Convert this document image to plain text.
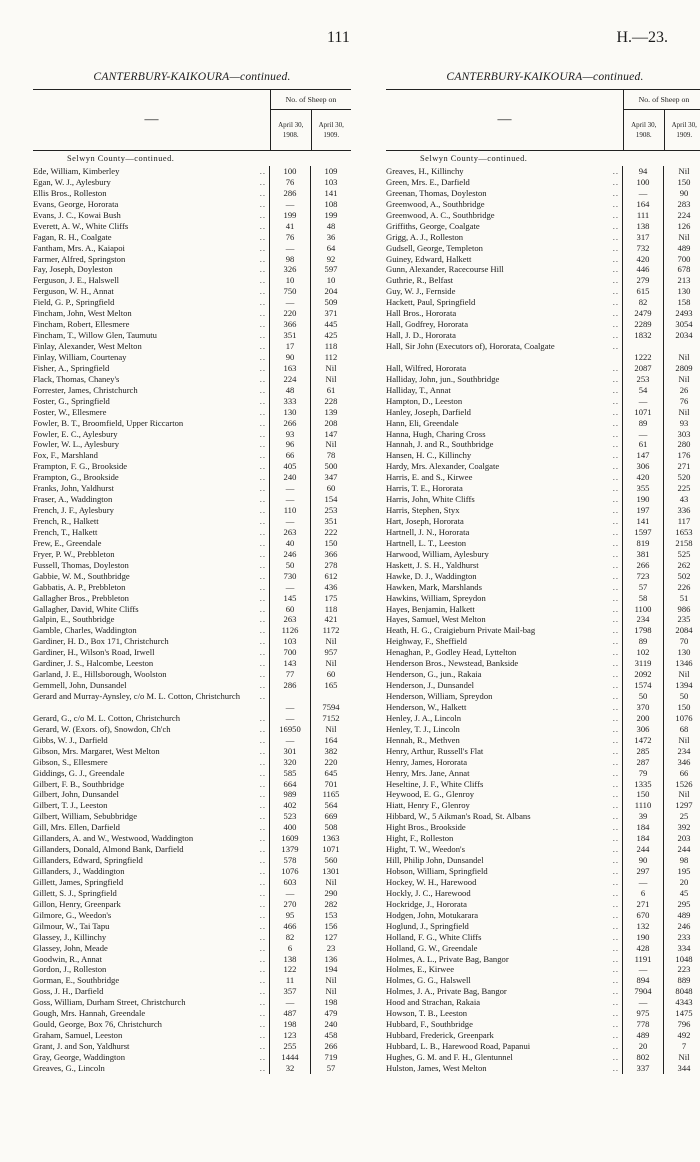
111	H.—23.
CANTERBURY-KAIKOURA—continued.
—
No. of Sheep on
April 30, 1908.
April 30, 1909.
Selwyn County—continued.
Ede, William, Kimberley	..	100	109
Egan, W. J., Aylesbury	..	76	103
Ellis Bros., Rolleston	..	286	141
Evans, George, Hororata	..	—	108
Evans, J. C., Kowai Bush	..	199	199
Everett, A. W., White Cliffs	..	41	48
Fagan, R. H., Coalgate	..	76	36
Fantham, Mrs. A., Kaiapoi	..	—	64
Farmer, Alfred, Springston	..	98	92
Fay, Joseph, Doyleston	..	326	597
Ferguson, J. E., Halswell	..	10	10
Ferguson, W. H., Annat	..	750	204
Field, G. P., Springfield	..	—	509
Fincham, John, West Melton	..	220	371
Fincham, Robert, Ellesmere	..	366	445
Fincham, T., Willow Glen, Taumutu	..	351	425
Finlay, Alexander, West Melton	..	17	118
Finlay, William, Courtenay	..	90	112
Fisher, A., Springfield	..	163	Nil
Flack, Thomas, Chaney's	..	224	Nil
Forrester, James, Christchurch	..	48	61
Foster, G., Springfield	..	333	228
Foster, W., Ellesmere	..	130	139
Fowler, B. T., Broomfield, Upper Riccarton	..	266	208
Fowler, E. C., Aylesbury	..	93	147
Fowler, W. L., Aylesbury	..	96	Nil
Fox, F., Marshland	..	66	78
Frampton, F. G., Brookside	..	405	500
Frampton, G., Brookside	..	240	347
Franks, John, Yaldhurst	..	—	60
Fraser, A., Waddington	..	—	154
French, J. F., Aylesbury	..	110	253
French, R., Halkett	..	—	351
French, T., Halkett	..	263	222
Frew, E., Greendale	..	40	150
Fryer, P. W., Prebbleton	..	246	366
Fussell, Thomas, Doyleston	..	50	278
Gabbie, W. M., Southbridge	..	730	612
Gabbatis, A. P., Prebbleton	..	—	436
Gallagher Bros., Prebbleton	..	145	175
Gallagher, David, White Cliffs	..	60	118
Galpin, E., Southbridge	..	263	421
Gamble, Charles, Waddington	..	1126	1172
Gardiner, H. D., Box 171, Christchurch	..	103	Nil
Gardiner, H., Wilson's Road, Irwell	..	700	957
Gardiner, J. S., Halcombe, Leeston	..	143	Nil
Garland, J. E., Hillsborough, Woolston	..	77	60
Gemmell, John, Dunsandel	..	286	165
Gerard and Murray-Aynsley, c/o M. L. Cotton, Christchurch	..
—	7594
Gerard, G., c/o M. L. Cotton, Christchurch	..	—	7152
Gerard, W. (Exors. of), Snowdon, Ch'ch	..	16950	Nil
Gibbs, W. J., Darfield	..	—	164
Gibson, Mrs. Margaret, West Melton	..	301	382
Gibson, S., Ellesmere	..	320	220
Giddings, G. J., Greendale	..	585	645
Gilbert, F. B., Southbridge	..	664	701
Gilbert, John, Dunsandel	..	989	1165
Gilbert, T. J., Leeston	..	402	564
Gilbert, William, Sebubbridge	..	523	669
Gill, Mrs. Ellen, Darfield	..	400	508
Gillanders, A. and W., Westwood, Waddington	..	1609	1363
Gillanders, Donald, Almond Bank, Darfield	..	1379	1071
Gillanders, Edward, Springfield	..	578	560
Gillanders, J., Waddington	..	1076	1301
Gillett, James, Springfield	..	603	Nil
Gillett, S. J., Springfield	..	—	290
Gillon, Henry, Greenpark	..	270	282
Gilmore, G., Weedon's	..	95	153
Gilmour, W., Tai Tapu	..	466	156
Glassey, J., Killinchy	..	82	127
Glassey, John, Meade	..	6	23
Goodwin, R., Annat	..	138	136
Gordon, J., Rolleston	..	122	194
Gorman, E., Southbridge	..	11	Nil
Goss, J. H., Darfield	..	357	Nil
Goss, William, Durham Street, Christchurch	..	—	198
Gough, Mrs. Hannah, Greendale	..	487	479
Gould, George, Box 76, Christchurch	..	198	240
Graham, Samuel, Leeston	..	123	458
Grant, J. and Son, Yaldhurst	..	255	266
Gray, George, Waddington	..	1444	719
Greaves, G., Lincoln	..	32	57
CANTERBURY-KAIKOURA—continued.
—
No. of Sheep on
April 30, 1908.
April 30, 1909.
Selwyn County—continued.
Greaves, H., Killinchy	..	94	Nil
Green, Mrs. E., Darfield	..	100	150
Greenan, Thomas, Doyleston	..	—	90
Greenwood, A., Southbridge	..	164	283
Greenwood, A. C., Southbridge	..	111	224
Griffiths, George, Coalgate	..	138	126
Grigg, A. J., Rolleston	..	317	Nil
Gudsell, George, Templeton	..	732	489
Guiney, Edward, Halkett	..	420	700
Gunn, Alexander, Racecourse Hill	..	446	678
Guthrie, R., Belfast	..	279	213
Guy, W. J., Fernside	..	615	130
Hackett, Paul, Springfield	..	82	158
Hall Bros., Hororata	..	2479	2493
Hall, Godfrey, Hororata	..	2289	3054
Hall, J. D., Hororata	..	1832	2034
Hall, Sir John (Executors of), Hororata, Coalgate	..
1222	Nil
Hall, Wilfred, Hororata	..	2087	2809
Halliday, John, jun., Southbridge	..	253	Nil
Halliday, T., Annat	..	54	26
Hampton, D., Leeston	..	—	76
Hanley, Joseph, Darfield	..	1071	Nil
Hann, Eli, Greendale	..	89	93
Hanna, Hugh, Charing Cross	..	—	303
Hannah, J. and R., Southbridge	..	61	280
Hansen, H. C., Killinchy	..	147	176
Hardy, Mrs. Alexander, Coalgate	..	306	271
Harris, E. and S., Kirwee	..	420	520
Harris, T. E., Hororata	..	355	225
Harris, John, White Cliffs	..	190	43
Harris, Stephen, Styx	..	197	336
Hart, Joseph, Hororata	..	141	117
Hartnell, J. N., Hororata	..	1597	1653
Hartnell, L. T., Leeston	..	819	2158
Harwood, William, Aylesbury	..	381	525
Haskett, J. S. H., Yaldhurst	..	266	262
Hawke, D. J., Waddington	..	723	502
Hawken, Mark, Marshlands	..	57	226
Hawkins, William, Spreydon	..	58	51
Hayes, Benjamin, Halkett	..	1100	986
Hayes, Samuel, West Melton	..	234	235
Heath, H. G., Craigieburn Private Mail-bag	..	1798	2084
Heighway, F., Sheffield	..	89	70
Henaghan, P., Godley Head, Lyttelton	..	102	130
Henderson Bros., Newstead, Bankside	..	3119	1346
Henderson, G., jun., Rakaia	..	2092	Nil
Henderson, J., Dunsandel	..	1574	1394
Henderson, William, Spreydon	..	50	50
Henderson, W., Halkett	..	370	150
Henley, J. A., Lincoln	..	200	1076
Henley, T. J., Lincoln	..	306	68
Hennah, R., Methven	..	1472	Nil
Henry, Arthur, Russell's Flat	..	285	234
Henry, James, Hororata	..	287	346
Henry, Mrs. Jane, Annat	..	79	66
Heseltine, J. F., White Cliffs	..	1335	1526
Heywood, E. G., Glenroy	..	150	Nil
Hiatt, Henry F., Glenroy	..	1110	1297
Hibbard, W., 5 Aikman's Road, St. Albans	..	39	25
Hight Bros., Brookside	..	184	392
Hight, F., Rolleston	..	184	203
Hight, T. W., Weedon's	..	244	244
Hill, Philip John, Dunsandel	..	90	98
Hobson, William, Springfield	..	297	195
Hockey, W. H., Harewood	..	—	20
Hockly, J. C., Harewood	..	6	45
Hockridge, J., Hororata	..	271	295
Hodgen, John, Motukarara	..	670	489
Hoglund, J., Springfield	..	132	246
Holland, F. G., White Cliffs	..	190	233
Holland, G. W., Greendale	..	428	334
Holmes, A. L., Private Bag, Bangor	..	1191	1048
Holmes, E., Kirwee	..	—	223
Holmes, G. G., Halswell	..	894	889
Holmes, J. A., Private Bag, Bangor	..	7904	8048
Hood and Strachan, Rakaia	..	—	4343
Howson, T. B., Leeston	..	975	1475
Hubbard, F., Southbridge	..	778	796
Hubbard, Frederick, Greenpark	..	489	492
Hubbard, L. B., Harewood Road, Papanui	..	20	7
Hughes, G. M. and F. H., Glentunnel	..	802	Nil
Hulston, James, West Melton	..	337	344
